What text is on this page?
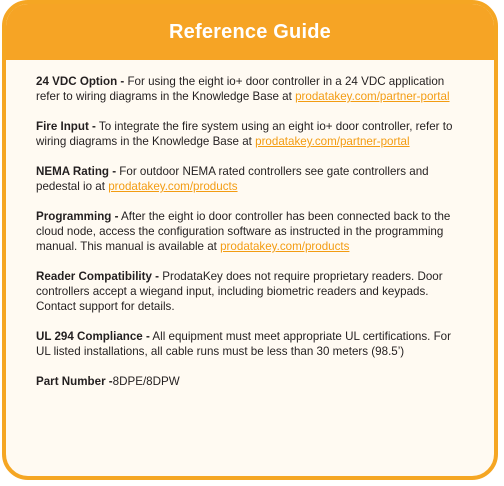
Reference Guide

24 VDC Option - For using the eight io+ door controller in a 24 VDC application refer to wiring diagrams in the Knowledge Base at prodatakey.com/partner-portal

Fire Input - To integrate the fire system using an eight io+ door controller, refer to wiring diagrams in the Knowledge Base at prodatakey.com/partner-portal

NEMA Rating - For outdoor NEMA rated controllers see gate controllers and pedestal io at prodatakey.com/products

Programming - After the eight io door controller has been connected back to the cloud node, access the configuration software as instructed in the programming manual. This manual is available at prodatakey.com/products

Reader Compatibility - ProdataKey does not require proprietary readers. Door controllers accept a wiegand input, including biometric readers and keypads. Contact support for details.

UL 294 Compliance - All equipment must meet appropriate UL certifications. For UL listed installations, all cable runs must be less than 30 meters (98.5’)

Part Number -8DPE/8DPW
